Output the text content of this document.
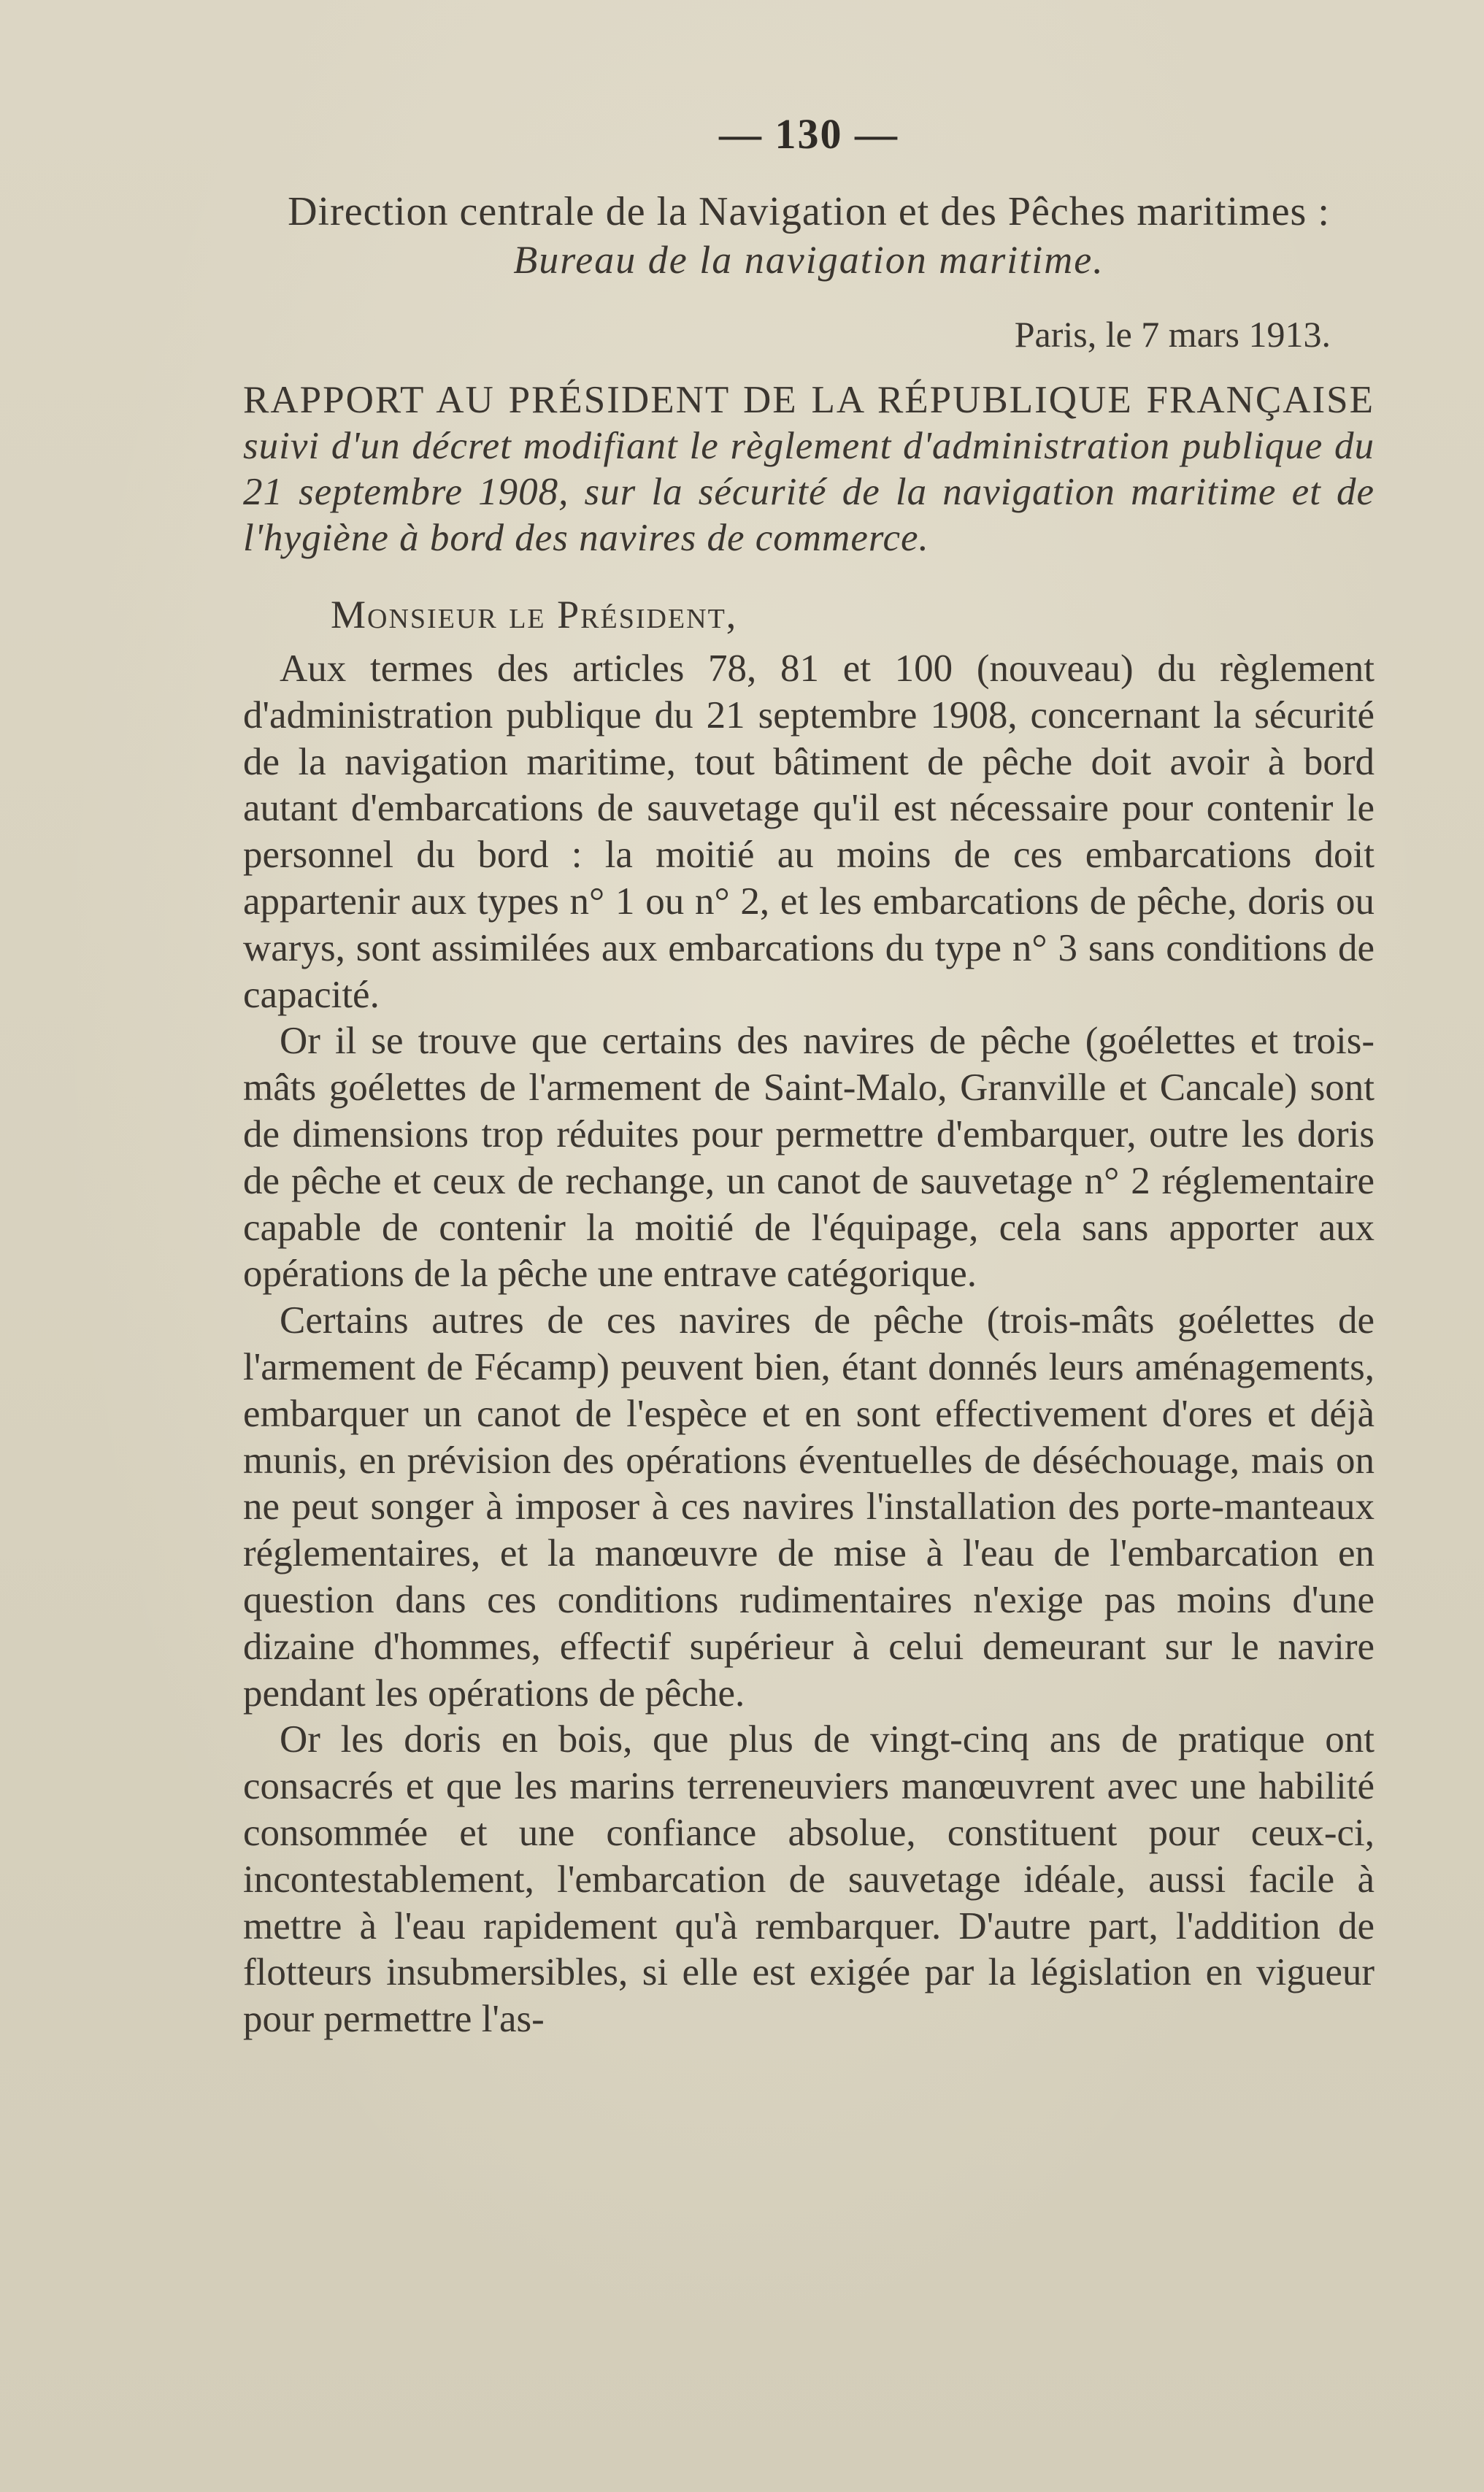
— 130 —
Direction centrale de la Navigation et des Pêches maritimes :
Bureau de la navigation maritime.
Paris, le 7 mars 1913.
RAPPORT AU PRÉSIDENT DE LA RÉPUBLIQUE FRANÇAISE suivi d'un décret modifiant le règlement d'administration publique du 21 septembre 1908, sur la sécurité de la navigation maritime et de l'hygiène à bord des navires de commerce.
Monsieur le Président,

Aux termes des articles 78, 81 et 100 (nouveau) du règlement d'administration publique du 21 septembre 1908, concernant la sécurité de la navigation maritime, tout bâtiment de pêche doit avoir à bord autant d'embarcations de sauvetage qu'il est nécessaire pour contenir le personnel du bord : la moitié au moins de ces embarcations doit appartenir aux types n° 1 ou n° 2, et les embarcations de pêche, doris ou warys, sont assimilées aux embarcations du type n° 3 sans conditions de capacité.

Or il se trouve que certains des navires de pêche (goélettes et trois-mâts goélettes de l'armement de Saint-Malo, Granville et Cancale) sont de dimensions trop réduites pour permettre d'embarquer, outre les doris de pêche et ceux de rechange, un canot de sauvetage n° 2 réglementaire capable de contenir la moitié de l'équipage, cela sans apporter aux opérations de la pêche une entrave catégorique.

Certains autres de ces navires de pêche (trois-mâts goélettes de l'armement de Fécamp) peuvent bien, étant donnés leurs aménagements, embarquer un canot de l'espèce et en sont effectivement d'ores et déjà munis, en prévision des opérations éventuelles de déséchouage, mais on ne peut songer à imposer à ces navires l'installation des porte-manteaux réglementaires, et la manœuvre de mise à l'eau de l'embarcation en question dans ces conditions rudimentaires n'exige pas moins d'une dizaine d'hommes, effectif supérieur à celui demeurant sur le navire pendant les opérations de pêche.

Or les doris en bois, que plus de vingt-cinq ans de pratique ont consacrés et que les marins terreneuviers manœuvrent avec une habilité consommée et une confiance absolue, constituent pour ceux-ci, incontestablement, l'embarcation de sauvetage idéale, aussi facile à mettre à l'eau rapidement qu'à rembarquer. D'autre part, l'addition de flotteurs insubmersibles, si elle est exigée par la législation en vigueur pour permettre l'as-
